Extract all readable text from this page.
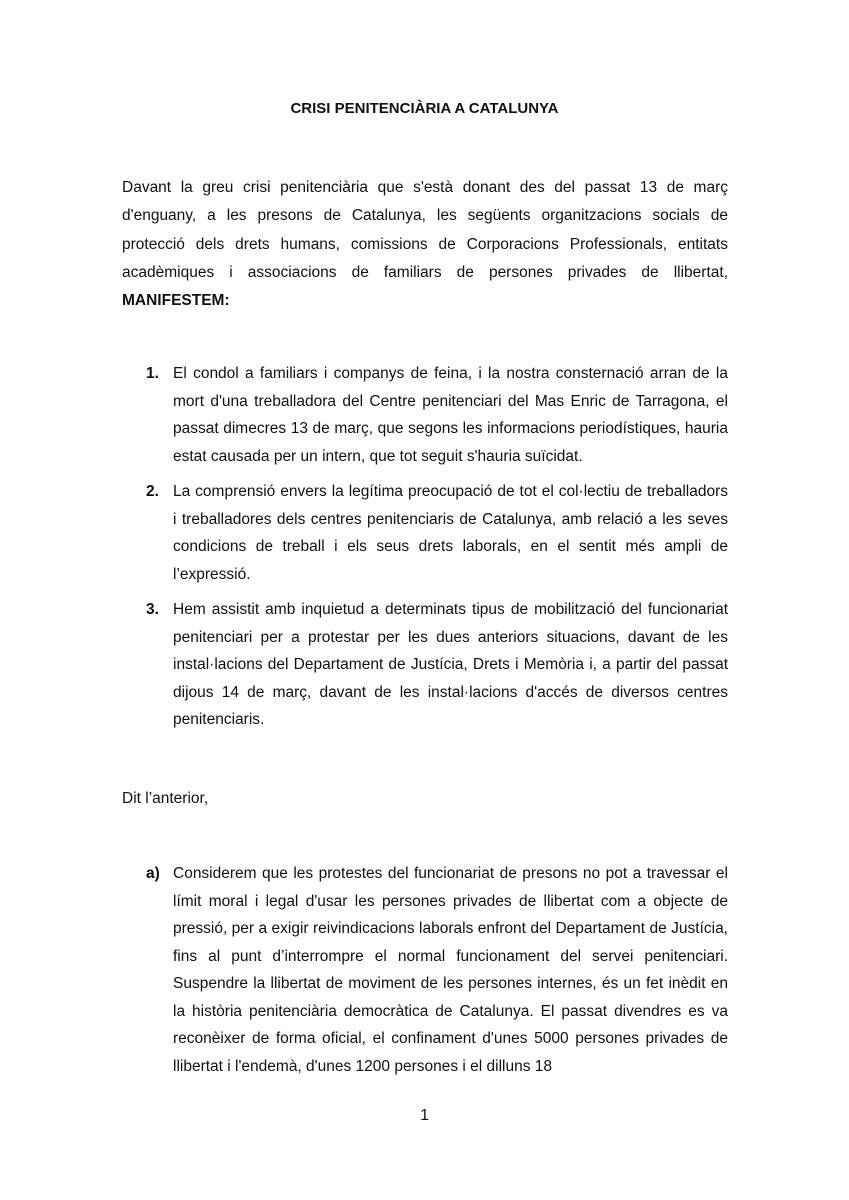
CRISI PENITENCIÀRIA A CATALUNYA

Davant la greu crisi penitenciària que s'està donant des del passat 13 de març d'enguany, a les presons de Catalunya, les següents organitzacions socials de protecció dels drets humans, comissions de Corporacions Professionals, entitats acadèmiques i associacions de familiars de persones privades de llibertat, MANIFESTEM:

1. El condol a familiars i companys de feina, i la nostra consternació arran de la mort d'una treballadora del Centre penitenciari del Mas Enric de Tarragona, el passat dimecres 13 de març, que segons les informacions periodístiques, hauria estat causada per un intern, que tot seguit s'hauria suïcidat.
2. La comprensió envers la legítima preocupació de tot el col·lectiu de treballadors i treballadores dels centres penitenciaris de Catalunya, amb relació a les seves condicions de treball i els seus drets laborals, en el sentit més ampli de l’expressió.
3. Hem assistit amb inquietud a determinats tipus de mobilització del funcionariat penitenciari per a protestar per les dues anteriors situacions, davant de les instal·lacions del Departament de Justícia, Drets i Memòria i, a partir del passat dijous 14 de març, davant de les instal·lacions d'accés de diversos centres penitenciaris.

Dit l’anterior,

a) Considerem que les protestes del funcionariat de presons no pot a travessar el límit moral i legal d'usar les persones privades de llibertat com a objecte de pressió, per a exigir reivindicacions laborals enfront del Departament de Justícia, fins al punt d’interrompre el normal funcionament del servei penitenciari. Suspendre la llibertat de moviment de les persones internes, és un fet inèdit en la història penitenciària democràtica de Catalunya. El passat divendres es va reconèixer de forma oficial, el confinament d'unes 5000 persones privades de llibertat i l'endemà, d'unes 1200 persones i el dilluns 18
1
